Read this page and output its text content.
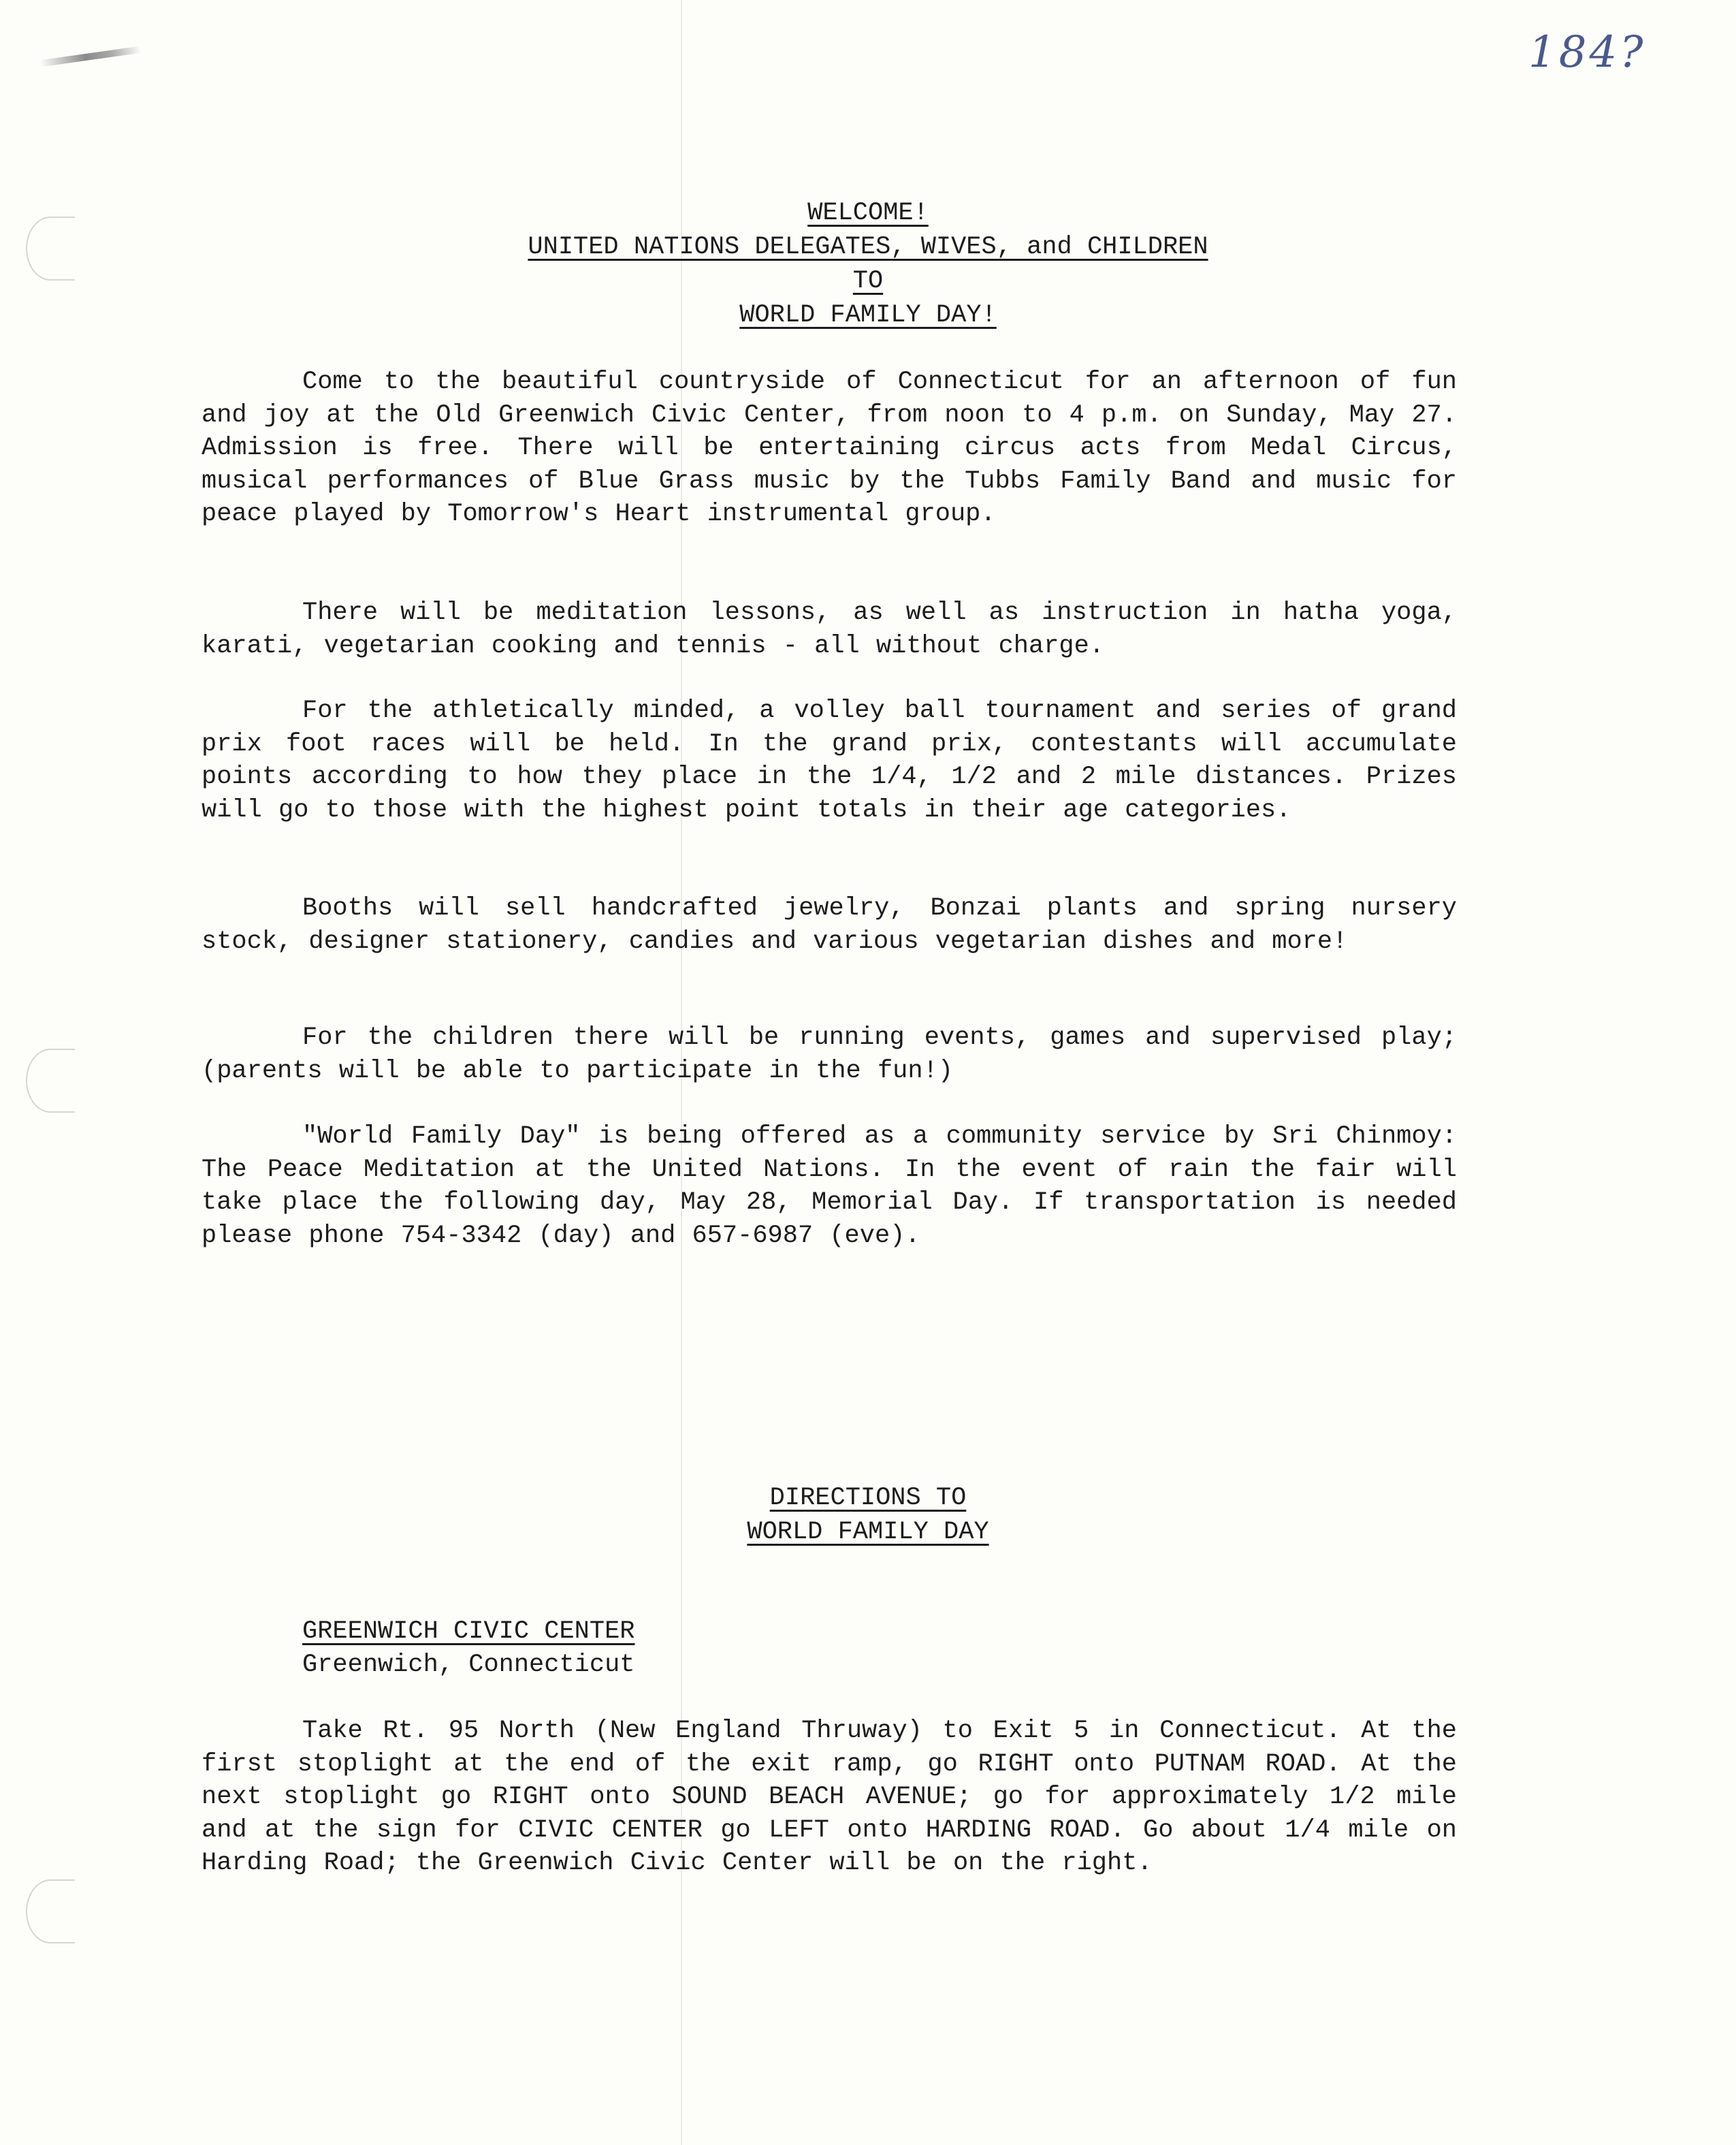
184?
WELCOME!
UNITED NATIONS DELEGATES, WIVES, and CHILDREN
TO
WORLD FAMILY DAY!

Come to the beautiful countryside of Connecticut for an afternoon of fun and joy at the Old Greenwich Civic Center, from noon to 4 p.m. on Sunday, May 27. Admission is free. There will be entertaining circus acts from Medal Circus, musical performances of Blue Grass music by the Tubbs Family Band and music for peace played by Tomorrow's Heart instrumental group.

There will be meditation lessons, as well as instruction in hatha yoga, karati, vegetarian cooking and tennis - all without charge.

For the athletically minded, a volley ball tournament and series of grand prix foot races will be held. In the grand prix, contestants will accumulate points according to how they place in the 1/4, 1/2 and 2 mile distances. Prizes will go to those with the highest point totals in their age categories.

Booths will sell handcrafted jewelry, Bonzai plants and spring nursery stock, designer stationery, candies and various vegetarian dishes and more!

For the children there will be running events, games and supervised play; (parents will be able to participate in the fun!)

"World Family Day" is being offered as a community service by Sri Chinmoy: The Peace Meditation at the United Nations. In the event of rain the fair will take place the following day, May 28, Memorial Day. If transportation is needed please phone 754-3342 (day) and 657-6987 (eve).

DIRECTIONS TO
WORLD FAMILY DAY
GREENWICH CIVIC CENTER
Greenwich, Connecticut

Take Rt. 95 North (New England Thruway) to Exit 5 in Connecticut. At the first stoplight at the end of the exit ramp, go RIGHT onto PUTNAM ROAD. At the next stoplight go RIGHT onto SOUND BEACH AVENUE; go for approximately 1/2 mile and at the sign for CIVIC CENTER go LEFT onto HARDING ROAD. Go about 1/4 mile on Harding Road; the Greenwich Civic Center will be on the right.
